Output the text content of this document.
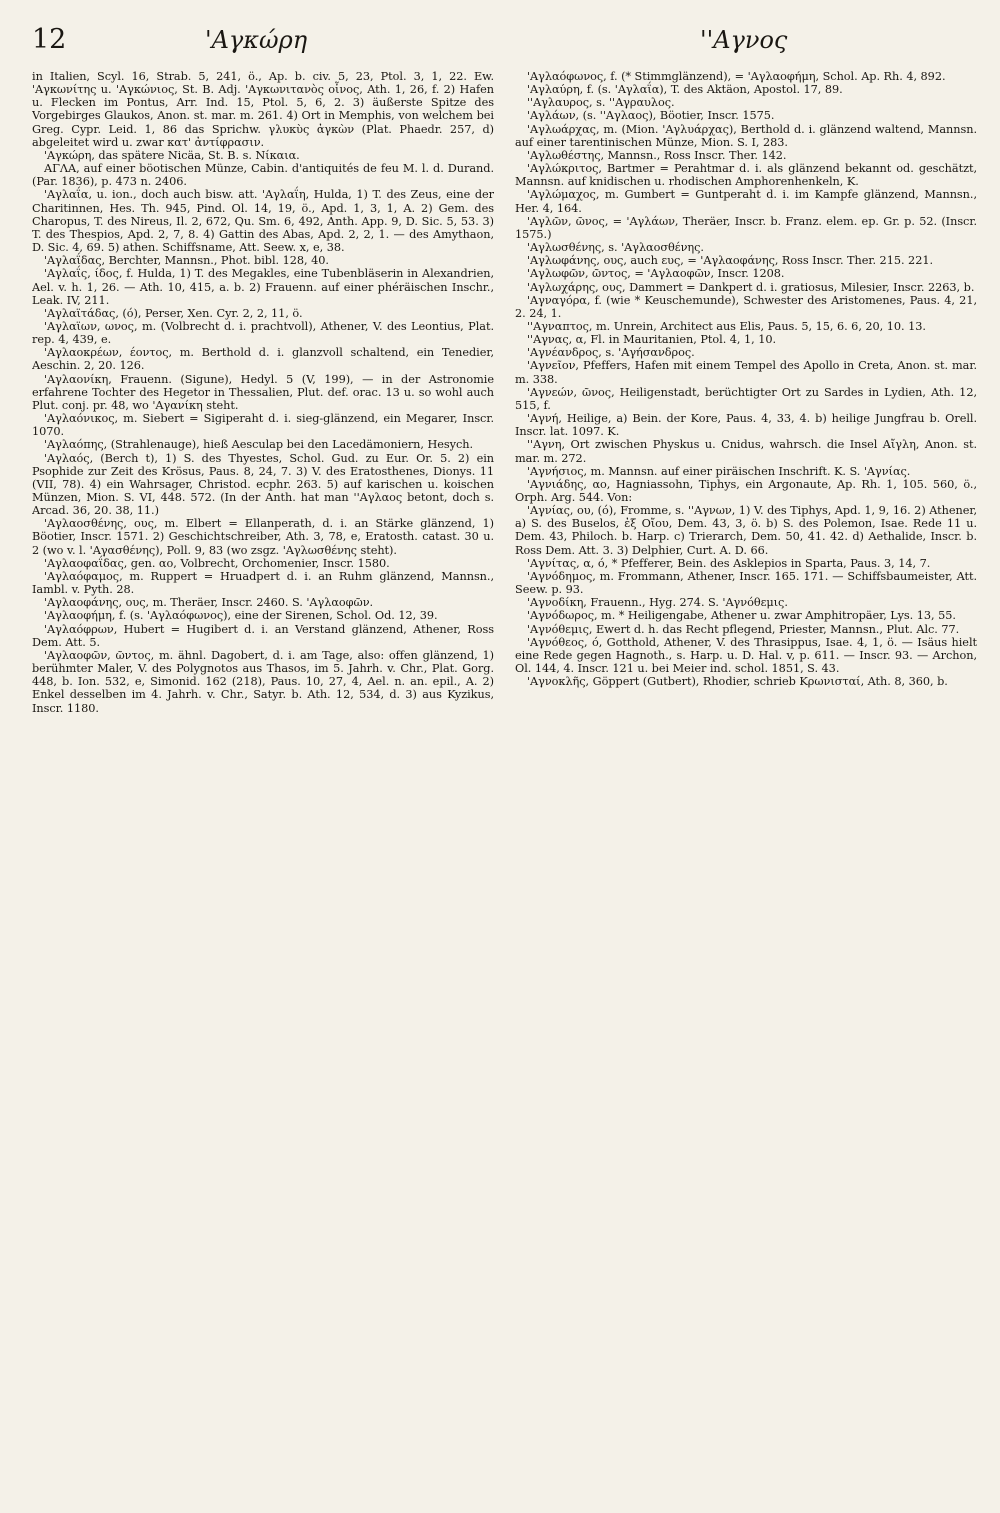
12	'Αγκώρη	''Αγνος

in Italien, Scyl. 16, Strab. 5, 241, ö., Ap. b. civ. 5, 23, Ptol. 3, 1, 22. Ew. 'Αγκωνίτης u. 'Αγκώνιος, St. B. Adj. 'Αγκωνιτανὸς οἶνος, Ath. 1, 26, f. 2) Hafen u. Flecken im Pontus, Arr. Ind. 15, Ptol. 5, 6, 2. 3) äußerste Spitze des Vorgebirges Glaukos, Anon. st. mar. m. 261. 4) Ort in Memphis, von welchem bei Greg. Cypr. Leid. 1, 86 das Sprichw. γλυκὺς ἀγκὼν (Plat. Phaedr. 257, d) abgeleitet wird u. zwar κατ' ἀντίφρασιν.

'Αγκώρη, das spätere Nicäa, St. B. s. Νίκαια.

ΑΓΛΑ, auf einer böotischen Münze, Cabin. d'antiquités de feu M. l. d. Durand. (Par. 1836), p. 473 n. 2406.

'Αγλαΐα, u. ion., doch auch bisw. att. 'Αγλαΐη, Hulda, 1) T. des Zeus, eine der Charitinnen, Hes. Th. 945, Pind. Ol. 14, 19, ö., Apd. 1, 3, 1, A. 2) Gem. des Charopus, T. des Nireus, Il. 2, 672, Qu. Sm. 6, 492, Anth. App. 9, D. Sic. 5, 53. 3) T. des Thespios, Apd. 2, 7, 8. 4) Gattin des Abas, Apd. 2, 2, 1. — des Amythaon, D. Sic. 4, 69. 5) athen. Schiffsname, Att. Seew. x, e, 38.

'Αγλαΐδας, Berchter, Mannsn., Phot. bibl. 128, 40.

'Αγλαΐς, ίδος, f. Hulda, 1) T. des Megakles, eine Tubenbläserin in Alexandrien, Ael. v. h. 1, 26. — Ath. 10, 415, a. b. 2) Frauenn. auf einer phéräischen Inschr., Leak. IV, 211.

'Αγλαϊτάδας, (ό), Perser, Xen. Cyr. 2, 2, 11, ö.

'Αγλαϊων, ωνος, m. (Volbrecht d. i. prachtvoll), Athener, V. des Leontius, Plat. rep. 4, 439, e.

'Αγλαοκρέων, έοντος, m. Berthold d. i. glanzvoll schaltend, ein Tenedier, Aeschin. 2, 20. 126.

'Αγλαονίκη, Frauenn. (Sigune), Hedyl. 5 (V, 199), — in der Astronomie erfahrene Tochter des Hegetor in Thessalien, Plut. def. orac. 13 u. so wohl auch Plut. conj. pr. 48, wo 'Αγανίκη steht.

'Αγλαόνικος, m. Siebert = Sigiperaht d. i. sieg-glänzend, ein Megarer, Inscr. 1070.

'Αγλαόπης, (Strahlenauge), hieß Aesculap bei den Lacedämoniern, Hesych.

'Αγλαός, (Berch t), 1) S. des Thyestes, Schol. Gud. zu Eur. Or. 5. 2) ein Psophide zur Zeit des Krösus, Paus. 8, 24, 7. 3) V. des Eratosthenes, Dionys. 11 (VII, 78). 4) ein Wahrsager, Christod. ecphr. 263. 5) auf karischen u. koischen Münzen, Mion. S. VI, 448. 572. (In der Anth. hat man ''Αγλαος betont, doch s. Arcad. 36, 20. 38, 11.)

'Αγλαοσθένης, ους, m. Elbert = Ellanperath, d. i. an Stärke glänzend, 1) Böotier, Inscr. 1571. 2) Geschichtschreiber, Ath. 3, 78, e, Eratosth. catast. 30 u. 2 (wo v. l. 'Αγασθένης), Poll. 9, 83 (wo zsgz. 'Αγλωσθένης steht).

'Αγλαοφαΐδας, gen. αο, Volbrecht, Orchomenier, Inscr. 1580.

'Αγλαόφαμος, m. Ruppert = Hruadpert d. i. an Ruhm glänzend, Mannsn., Iambl. v. Pyth. 28.

'Αγλαοφάνης, ους, m. Theräer, Inscr. 2460. S. 'Αγλαοφῶν.

'Αγλαοφήμη, f. (s. 'Αγλαόφωνος), eine der Sirenen, Schol. Od. 12, 39.

'Αγλαόφρων, Hubert = Hugibert d. i. an Verstand glänzend, Athener, Ross Dem. Att. 5.

'Αγλαοφῶν, ῶντος, m. ähnl. Dagobert, d. i. am Tage, also: offen glänzend, 1) berühmter Maler, V. des Polygnotos aus Thasos, im 5. Jahrh. v. Chr., Plat. Gorg. 448, b. Ion. 532, e, Simonid. 162 (218), Paus. 10, 27, 4, Ael. n. an. epil., A. 2) Enkel desselben im 4. Jahrh. v. Chr., Satyr. b. Ath. 12, 534, d. 3) aus Kyzikus, Inscr. 1180.

'Αγλαόφωνος, f. (* Stimmglänzend), = 'Αγλαοφήμη, Schol. Ap. Rh. 4, 892.

'Αγλαύρη, f. (s. 'Αγλαΐα), T. des Aktäon, Apostol. 17, 89.

''Αγλαυρος, s. ''Αγραυλος.

'Αγλάων, (s. ''Αγλαος), Böotier, Inscr. 1575.

'Αγλωάρχας, m. (Mion. 'Αγλυάρχας), Berthold d. i. glänzend waltend, Mannsn. auf einer tarentinischen Münze, Mion. S. I, 283.

'Αγλωθέστης, Mannsn., Ross Inscr. Ther. 142.

'Αγλώκριτος, Bartmer = Perahtmar d. i. als glänzend bekannt od. geschätzt, Mannsn. auf knidischen u. rhodischen Amphorenhenkeln, K.

'Αγλώμαχος, m. Gumbert = Guntperaht d. i. im Kampfe glänzend, Mannsn., Her. 4, 164.

'Αγλῶν, ῶνος, = 'Αγλάων, Theräer, Inscr. b. Franz. elem. ep. Gr. p. 52. (Inscr. 1575.)

'Αγλωσθένης, s. 'Αγλαοσθένης.

'Αγλωφάνης, ους, auch ευς, = 'Αγλαοφάνης, Ross Inscr. Ther. 215. 221.

'Αγλωφῶν, ῶντος, = 'Αγλαοφῶν, Inscr. 1208.

'Αγλωχάρης, ους, Dammert = Dankpert d. i. gratiosus, Milesier, Inscr. 2263, b.

'Αγναγόρα, f. (wie * Keuschemunde), Schwester des Aristomenes, Paus. 4, 21, 2. 24, 1.

''Αγναπτος, m. Unrein, Architect aus Elis, Paus. 5, 15, 6. 6, 20, 10. 13.

''Αγνας, α, Fl. in Mauritanien, Ptol. 4, 1, 10.

'Αγνέανδρος, s. 'Αγήσανδρος.

'Αγνεῖον, Pfeffers, Hafen mit einem Tempel des Apollo in Creta, Anon. st. mar. m. 338.

'Αγνεών, ῶνος, Heiligenstadt, berüchtigter Ort zu Sardes in Lydien, Ath. 12, 515, f.

'Αγνή, Heilige, a) Bein. der Kore, Paus. 4, 33, 4. b) heilige Jungfrau b. Orell. Inscr. lat. 1097. K.

''Αγνη, Ort zwischen Physkus u. Cnidus, wahrsch. die Insel Αἴγλη, Anon. st. mar. m. 272.

'Αγνήσιος, m. Mannsn. auf einer piräischen Inschrift. K. S. 'Αγνίας.

'Αγνιάδης, αο, Hagniassohn, Tiphys, ein Argonaute, Ap. Rh. 1, 105. 560, ö., Orph. Arg. 544. Von:

'Αγνίας, ου, (ό), Fromme, s. ''Αγνων, 1) V. des Tiphys, Apd. 1, 9, 16. 2) Athener, a) S. des Buselos, ἐξ Οἴου, Dem. 43, 3, ö. b) S. des Polemon, Isae. Rede 11 u. Dem. 43, Philoch. b. Harp. c) Trierarch, Dem. 50, 41. 42. d) Aethalide, Inscr. b. Ross Dem. Att. 3. 3) Delphier, Curt. A. D. 66.

'Αγνίτας, α, ό, * Pfefferer, Bein. des Asklepios in Sparta, Paus. 3, 14, 7.

'Αγνόδημος, m. Frommann, Athener, Inscr. 165. 171. — Schiffsbaumeister, Att. Seew. p. 93.

'Αγνοδίκη, Frauenn., Hyg. 274. S. 'Αγνόθεμις.

'Αγνόδωρος, m. * Heiligengabe, Athener u. zwar Amphitropäer, Lys. 13, 55.

'Αγνόθεμις, Ewert d. h. das Recht pflegend, Priester, Mannsn., Plut. Alc. 77.

'Αγνόθεος, ό, Gotthold, Athener, V. des Thrasippus, Isae. 4, 1, ö. — Isäus hielt eine Rede gegen Hagnoth., s. Harp. u. D. Hal. v, p. 611. — Inscr. 93. — Archon, Ol. 144, 4. Inscr. 121 u. bei Meier ind. schol. 1851, S. 43.

'Αγνοκλῆς, Göppert (Gutbert), Rhodier, schrieb Κρωνισταί, Ath. 8, 360, b.
